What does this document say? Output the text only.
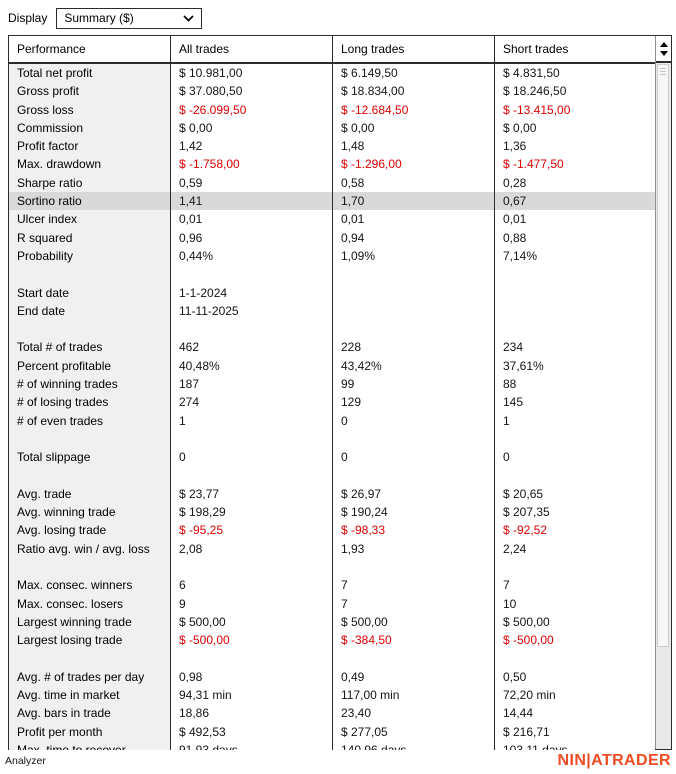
Display Summary ($)
Performance	All trades	Long trades	Short trades
Total net profit	$ 10.981,00	$ 6.149,50	$ 4.831,50
Gross profit	$ 37.080,50	$ 18.834,00	$ 18.246,50
Gross loss	$ -26.099,50	$ -12.684,50	$ -13.415,00
Commission	$ 0,00	$ 0,00	$ 0,00
Profit factor	1,42	1,48	1,36
Max. drawdown	$ -1.758,00	$ -1.296,00	$ -1.477,50
Sharpe ratio	0,59	0,58	0,28
Sortino ratio	1,41	1,70	0,67
Ulcer index	0,01	0,01	0,01
R squared	0,96	0,94	0,88
Probability	0,44%	1,09%	7,14%
Start date	1-1-2024
End date	11-11-2025
Total # of trades	462	228	234
Percent profitable	40,48%	43,42%	37,61%
# of winning trades	187	99	88
# of losing trades	274	129	145
# of even trades	1	0	1
Total slippage	0	0	0
Avg. trade	$ 23,77	$ 26,97	$ 20,65
Avg. winning trade	$ 198,29	$ 190,24	$ 207,35
Avg. losing trade	$ -95,25	$ -98,33	$ -92,52
Ratio avg. win / avg. loss	2,08	1,93	2,24
Max. consec. winners	6	7	7
Max. consec. losers	9	7	10
Largest winning trade	$ 500,00	$ 500,00	$ 500,00
Largest losing trade	$ -500,00	$ -384,50	$ -500,00
Avg. # of trades per day	0,98	0,49	0,50
Avg. time in market	94,31 min	117,00 min	72,20 min
Avg. bars in trade	18,86	23,40	14,44
Profit per month	$ 492,53	$ 277,05	$ 216,71
Analyzer	NIN|ATRADER
